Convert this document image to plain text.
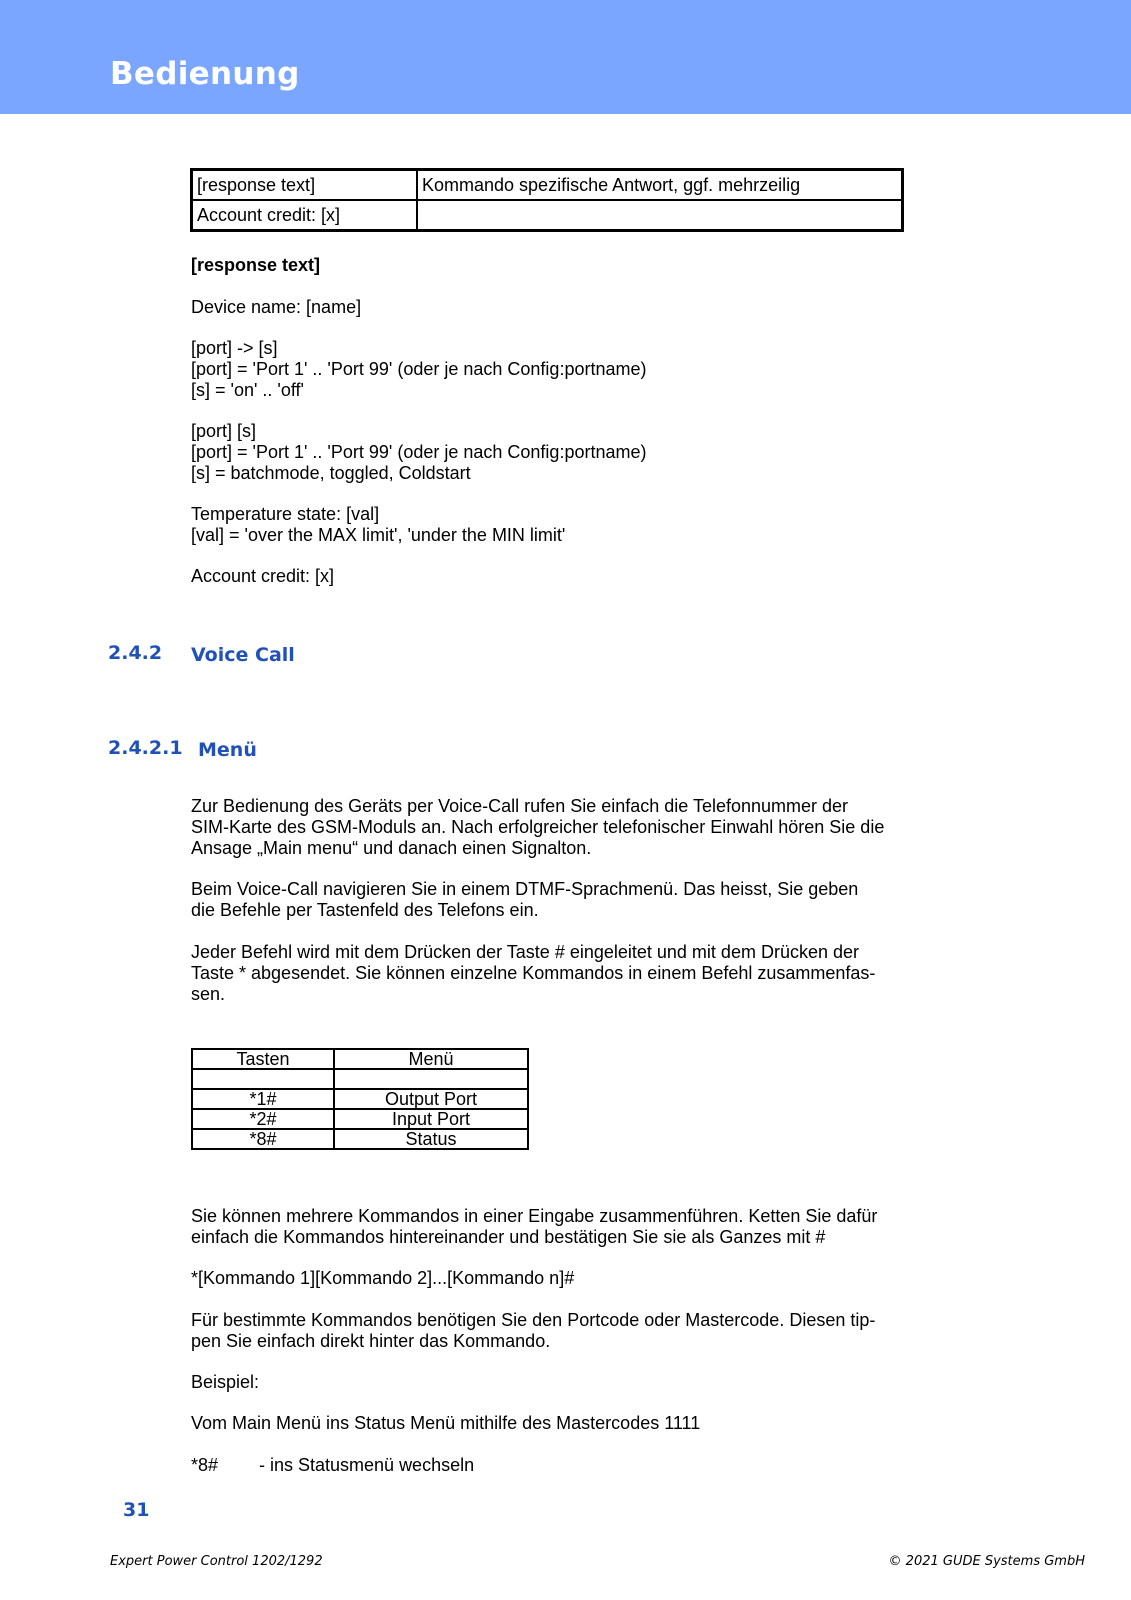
Bedienung
[response text]	Kommando spezifische Antwort, ggf. mehrzeilig
Account credit: [x]	
[response text]
Device name: [name]
[port] -> [s]
[port] = 'Port 1' .. 'Port 99' (oder je nach Config:portname)
[s] = 'on' .. 'off'
[port] [s]
[port] = 'Port 1' .. 'Port 99' (oder je nach Config:portname)
[s] = batchmode, toggled, Coldstart
Temperature state: [val]
[val] = 'over the MAX limit', 'under the MIN limit'
Account credit: [x]
2.4.2 Voice Call
2.4.2.1 Menü
Zur Bedienung des Geräts per Voice-Call rufen Sie einfach die Telefonnummer der
SIM-Karte des GSM-Moduls an. Nach erfolgreicher telefonischer Einwahl hören Sie die
Ansage „Main menu“ und danach einen Signalton.
Beim Voice-Call navigieren Sie in einem DTMF-Sprachmenü. Das heisst, Sie geben
die Befehle per Tastenfeld des Telefons ein.
Jeder Befehl wird mit dem Drücken der Taste # eingeleitet und mit dem Drücken der
Taste * abgesendet. Sie können einzelne Kommandos in einem Befehl zusammenfas-
sen.
Tasten	Menü

*1#	Output Port
*2#	Input Port
*8#	Status
Sie können mehrere Kommandos in einer Eingabe zusammenführen. Ketten Sie dafür
einfach die Kommandos hintereinander und bestätigen Sie sie als Ganzes mit #
*[Kommando 1][Kommando 2]...[Kommando n]#
Für bestimmte Kommandos benötigen Sie den Portcode oder Mastercode. Diesen tip-
pen Sie einfach direkt hinter das Kommando.
Beispiel:
Vom Main Menü ins Status Menü mithilfe des Mastercodes 1111
*8# - ins Statusmenü wechseln
31
Expert Power Control 1202/1292	© 2021 GUDE Systems GmbH
